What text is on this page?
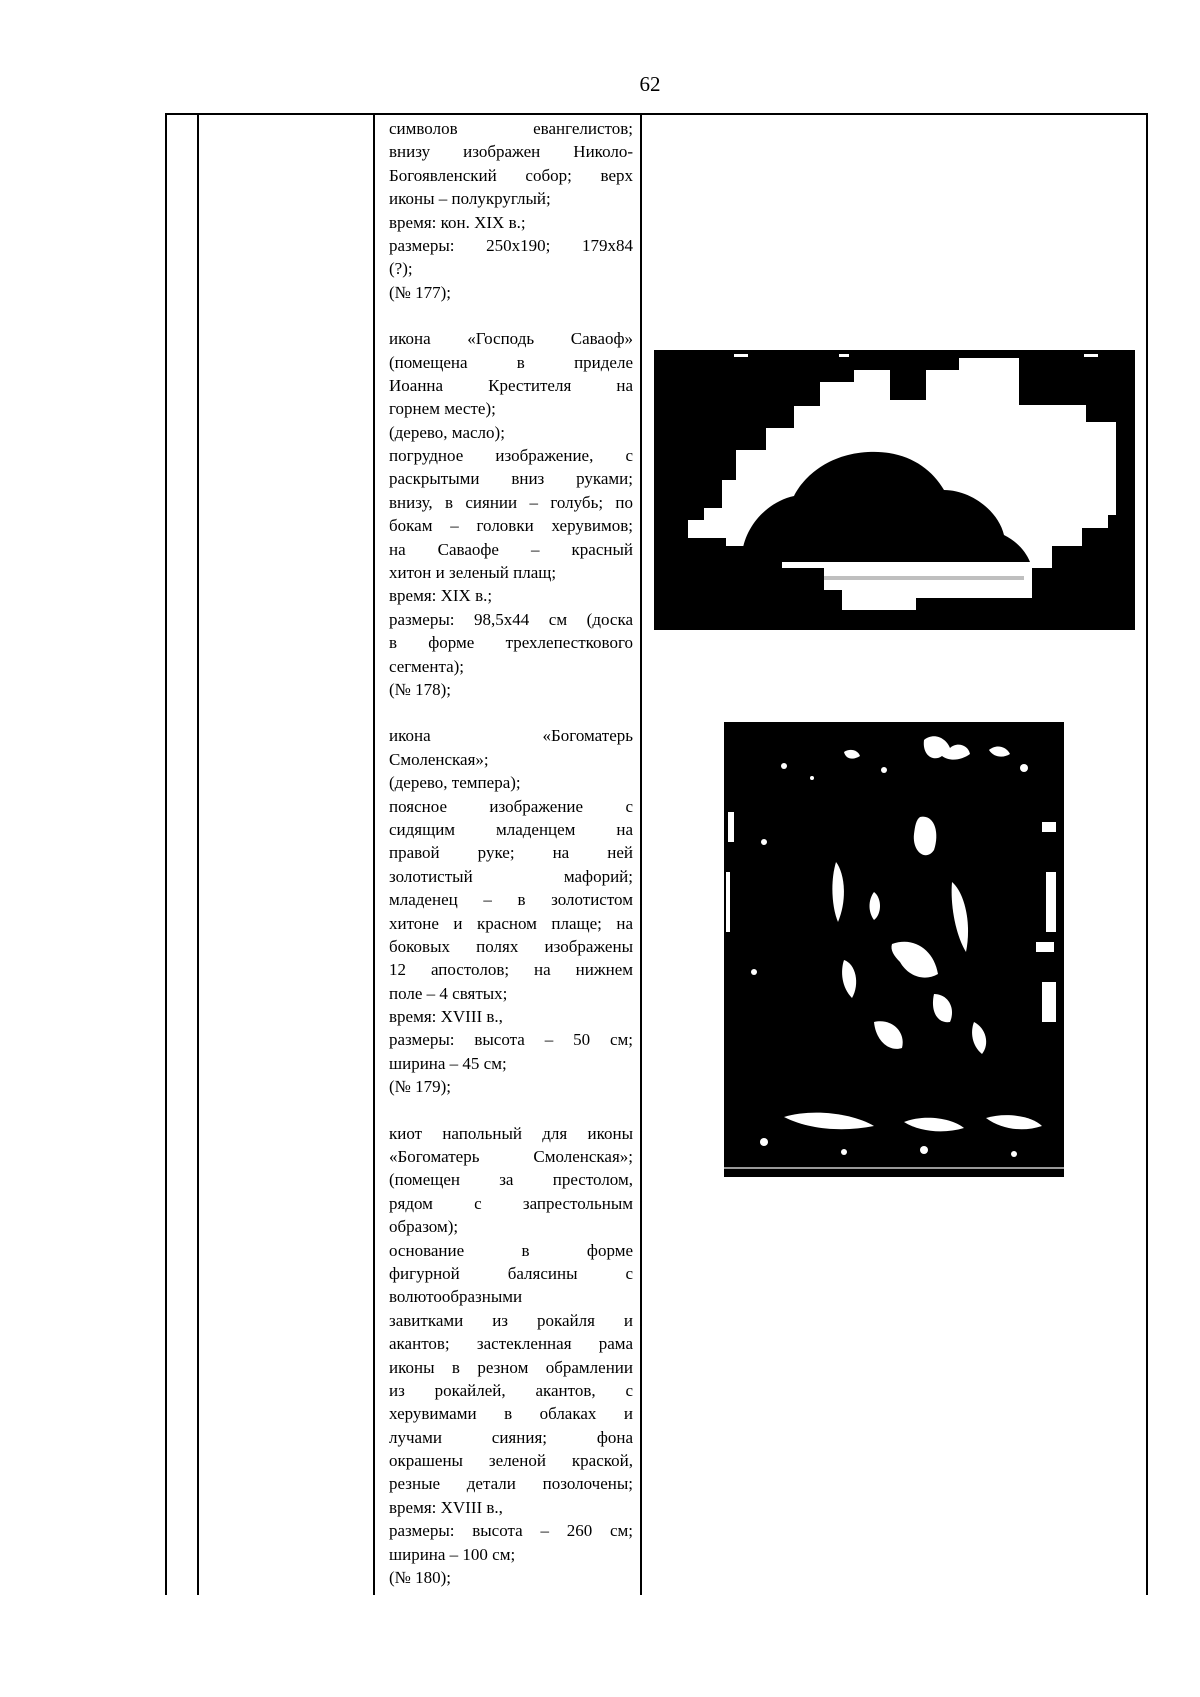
62
символов евангелистов;
внизу изображен Николо-
Богоявленский собор; верх
иконы – полукруглый;
время: кон. XIX в.;
размеры: 250x190; 179x84
(?);
(№ 177);
икона «Господь Саваоф»
(помещена в приделе
Иоанна Крестителя на
горнем месте);
(дерево, масло);
погрудное изображение, с
раскрытыми вниз руками;
внизу, в сиянии – голубь; по
бокам – головки херувимов;
на Саваофе – красный
хитон и зеленый плащ;
время: XIX в.;
размеры: 98,5x44 см (доска
в форме трехлепесткового
сегмента);
(№ 178);
икона «Богоматерь
Смоленская»;
(дерево, темпера);
поясное изображение с
сидящим младенцем на
правой руке; на ней
золотистый мафорий;
младенец – в золотистом
хитоне и красном плаще; на
боковых полях изображены
12 апостолов; на нижнем
поле – 4 святых;
время: XVIII в.,
размеры: высота – 50 см;
ширина – 45 см;
(№ 179);
киот напольный для иконы
«Богоматерь Смоленская»;
(помещен за престолом,
рядом с запрестольным
образом);
основание в форме
фигурной балясины с
волютообразными
завитками из рокайля и
акантов; застекленная рама
иконы в резном обрамлении
из рокайлей, акантов, с
херувимами в облаках и
лучами сияния; фона
окрашены зеленой краской,
резные детали позолочены;
время: XVIII в.,
размеры: высота – 260 см;
ширина – 100 см;
(№ 180);
